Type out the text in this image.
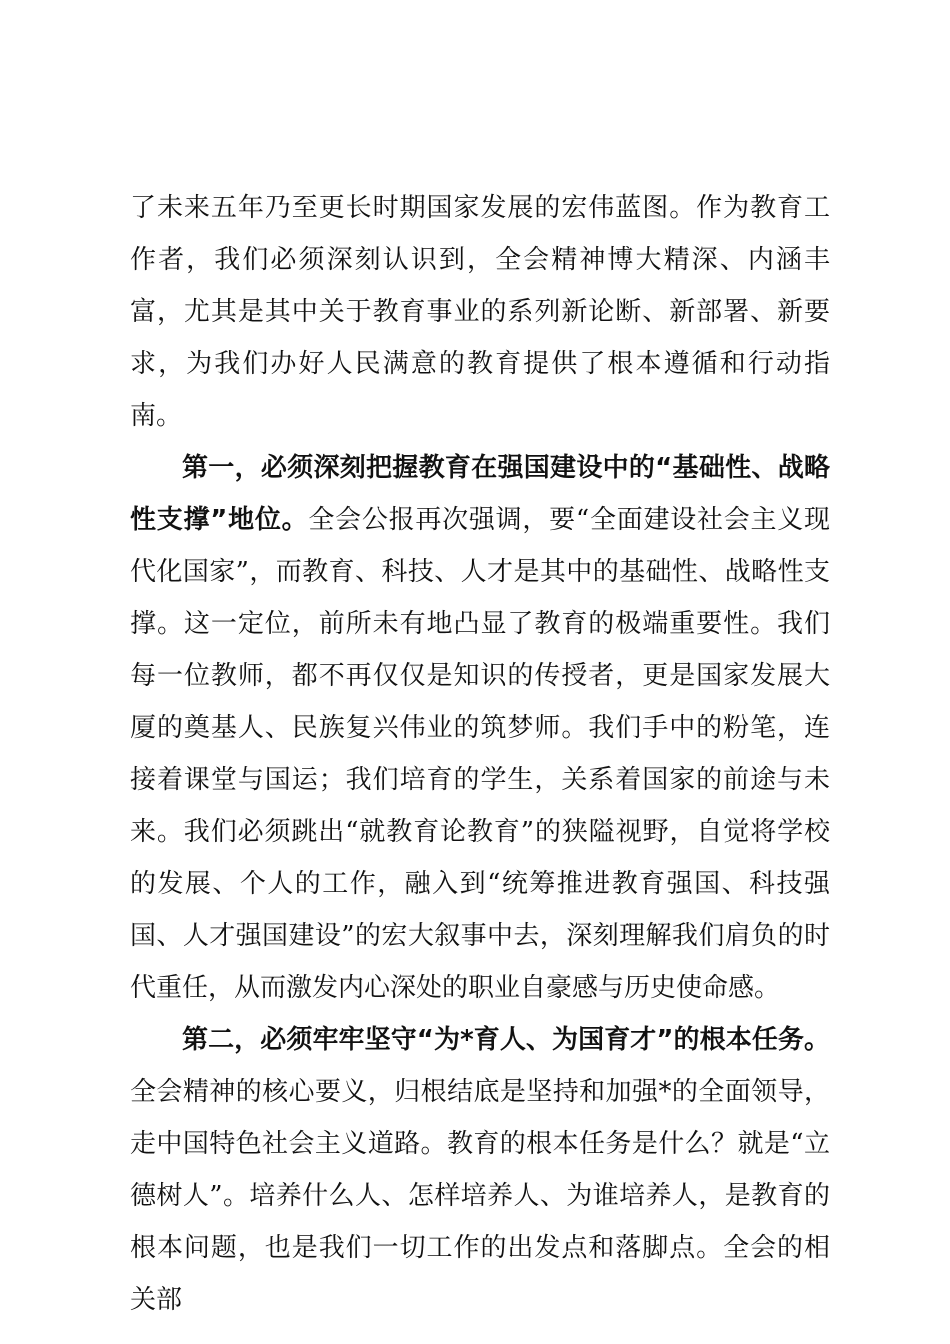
了未来五年乃至更长时期国家发展的宏伟蓝图。作为教育工作者，我们必须深刻认识到，全会精神博大精深、内涵丰富，尤其是其中关于教育事业的系列新论断、新部署、新要求，为我们办好人民满意的教育提供了根本遵循和行动指南。

第一，必须深刻把握教育在强国建设中的“基础性、战略性支撑”地位。全会公报再次强调，要“全面建设社会主义现代化国家”，而教育、科技、人才是其中的基础性、战略性支撑。这一定位，前所未有地凸显了教育的极端重要性。我们每一位教师，都不再仅仅是知识的传授者，更是国家发展大厦的奠基人、民族复兴伟业的筑梦师。我们手中的粉笔，连接着课堂与国运；我们培育的学生，关系着国家的前途与未来。我们必须跳出“就教育论教育”的狭隘视野，自觉将学校的发展、个人的工作，融入到“统筹推进教育强国、科技强国、人才强国建设”的宏大叙事中去，深刻理解我们肩负的时代重任，从而激发内心深处的职业自豪感与历史使命感。

第二，必须牢牢坚守“为*育人、为国育才”的根本任务。全会精神的核心要义，归根结底是坚持和加强*的全面领导，走中国特色社会主义道路。教育的根本任务是什么？就是“立德树人”。培养什么人、怎样培养人、为谁培养人，是教育的根本问题，也是我们一切工作的出发点和落脚点。全会的相关部
